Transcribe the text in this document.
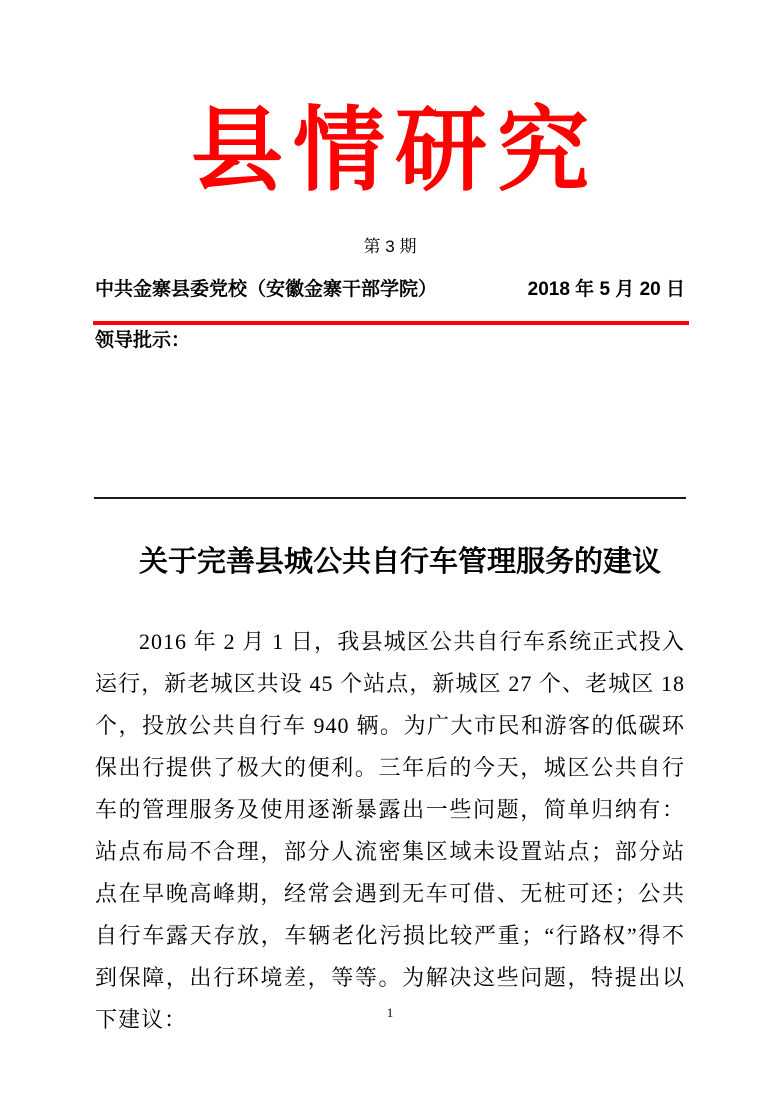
县情研究
第 3 期
中共金寨县委党校（安徽金寨干部学院）	2018 年 5 月 20 日
领导批示：
关于完善县城公共自行车管理服务的建议
2016 年 2 月 1 日，我县城区公共自行车系统正式投入运行，新老城区共设 45 个站点，新城区 27 个、老城区 18 个，投放公共自行车 940 辆。为广大市民和游客的低碳环保出行提供了极大的便利。三年后的今天，城区公共自行车的管理服务及使用逐渐暴露出一些问题，简单归纳有：站点布局不合理，部分人流密集区域未设置站点；部分站点在早晚高峰期，经常会遇到无车可借、无桩可还；公共自行车露天存放，车辆老化污损比较严重；“行路权”得不到保障，出行环境差，等等。为解决这些问题，特提出以下建议：	1
